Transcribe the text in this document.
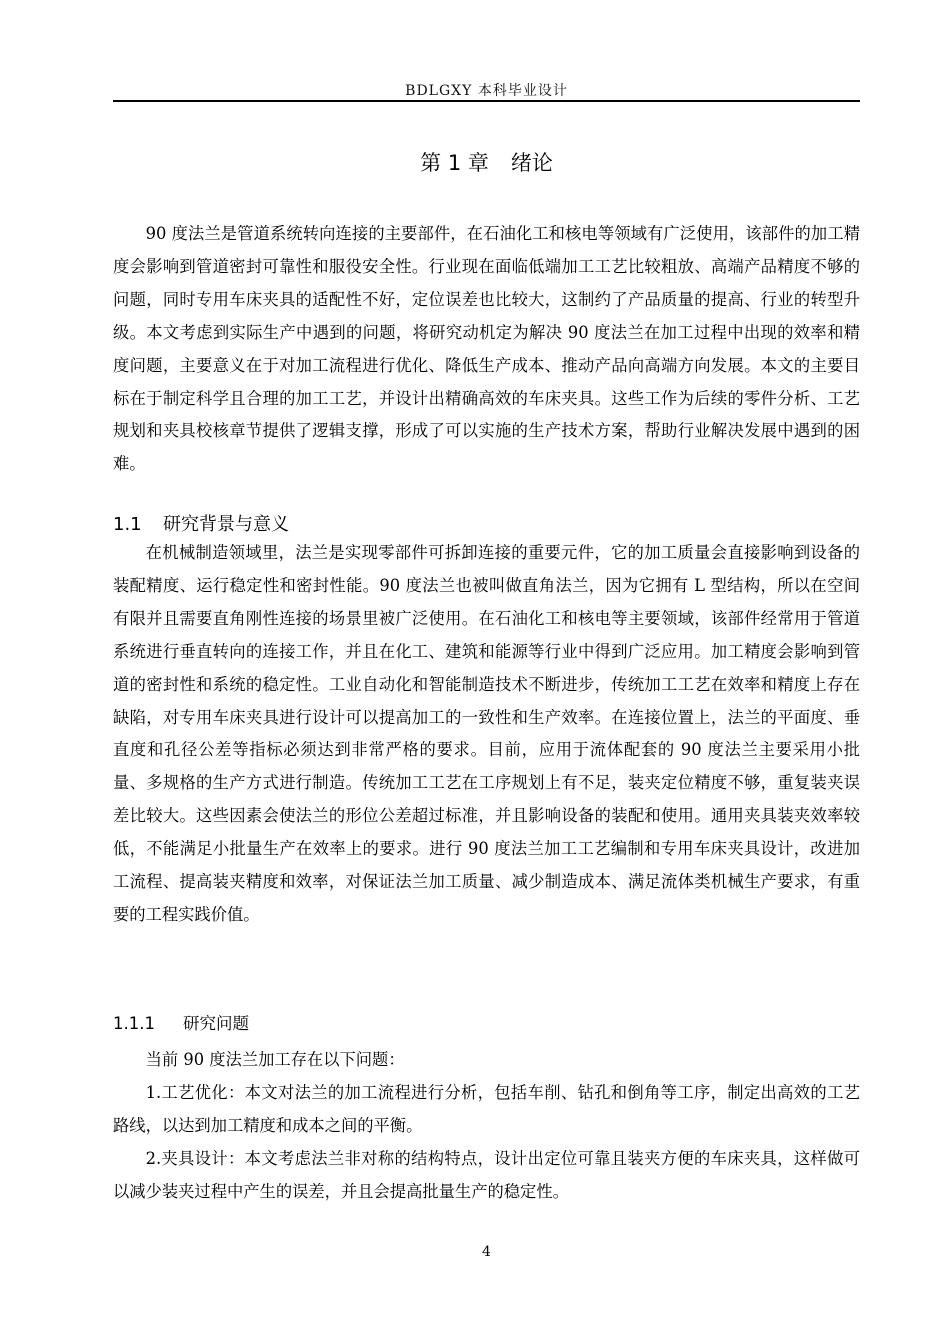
BDLGXY 本科毕业设计
第 1 章 绪论

90 度法兰是管道系统转向连接的主要部件，在石油化工和核电等领域有广泛使用，该部件的加工精度会影响到管道密封可靠性和服役安全性。行业现在面临低端加工工艺比较粗放、高端产品精度不够的问题，同时专用车床夹具的适配性不好，定位误差也比较大，这制约了产品质量的提高、行业的转型升级。本文考虑到实际生产中遇到的问题，将研究动机定为解决 90 度法兰在加工过程中出现的效率和精度问题，主要意义在于对加工流程进行优化、降低生产成本、推动产品向高端方向发展。本文的主要目标在于制定科学且合理的加工工艺，并设计出精确高效的车床夹具。这些工作为后续的零件分析、工艺规划和夹具校核章节提供了逻辑支撑，形成了可以实施的生产技术方案，帮助行业解决发展中遇到的困难。

1.1 研究背景与意义

在机械制造领域里，法兰是实现零部件可拆卸连接的重要元件，它的加工质量会直接影响到设备的装配精度、运行稳定性和密封性能。90 度法兰也被叫做直角法兰，因为它拥有 L 型结构，所以在空间有限并且需要直角刚性连接的场景里被广泛使用。在石油化工和核电等主要领域，该部件经常用于管道系统进行垂直转向的连接工作，并且在化工、建筑和能源等行业中得到广泛应用。加工精度会影响到管道的密封性和系统的稳定性。工业自动化和智能制造技术不断进步，传统加工工艺在效率和精度上存在缺陷，对专用车床夹具进行设计可以提高加工的一致性和生产效率。在连接位置上，法兰的平面度、垂直度和孔径公差等指标必须达到非常严格的要求。目前，应用于流体配套的 90 度法兰主要采用小批量、多规格的生产方式进行制造。传统加工工艺在工序规划上有不足，装夹定位精度不够，重复装夹误差比较大。这些因素会使法兰的形位公差超过标准，并且影响设备的装配和使用。通用夹具装夹效率较低，不能满足小批量生产在效率上的要求。进行 90 度法兰加工工艺编制和专用车床夹具设计，改进加工流程、提高装夹精度和效率，对保证法兰加工质量、减少制造成本、满足流体类机械生产要求，有重要的工程实践价值。

1.1.1 研究问题

当前 90 度法兰加工存在以下问题：

1.工艺优化：本文对法兰的加工流程进行分析，包括车削、钻孔和倒角等工序，制定出高效的工艺路线，以达到加工精度和成本之间的平衡。

2.夹具设计：本文考虑法兰非对称的结构特点，设计出定位可靠且装夹方便的车床夹具，这样做可以减少装夹过程中产生的误差，并且会提高批量生产的稳定性。

4
